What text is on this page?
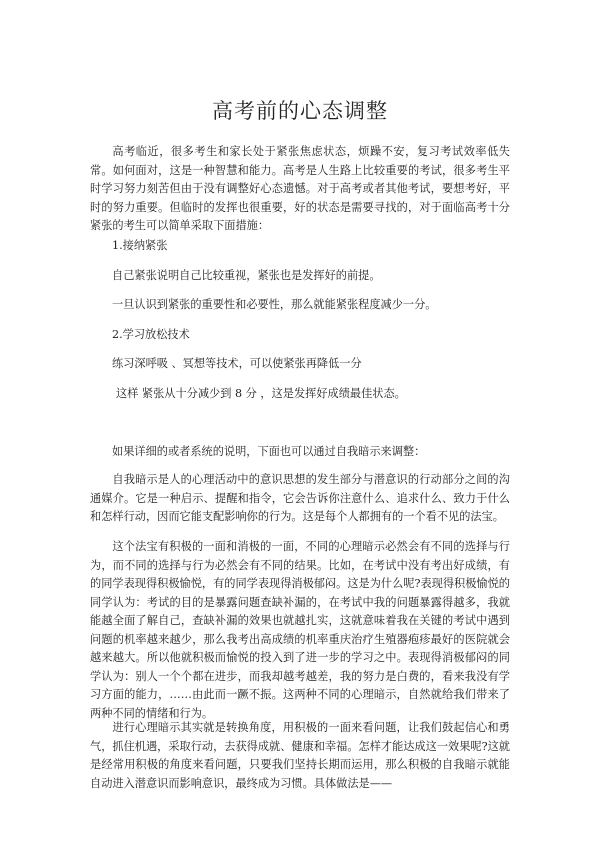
高考前的心态调整
高考临近，很多考生和家长处于紧张焦虑状态，烦躁不安，复习考试效率低失常。如何面对，这是一种智慧和能力。高考是人生路上比较重要的考试，很多考生平时学习努力刻苦但由于没有调整好心态遗憾。对于高考或者其他考试，要想考好，平时的努力重要。但临时的发挥也很重要，好的状态是需要寻找的，对于面临高考十分紧张的考生可以简单采取下面措施：
1.接纳紧张
自己紧张说明自己比较重视，紧张也是发挥好的前提。
一旦认识到紧张的重要性和必要性，那么就能紧张程度减少一分。
2.学习放松技术
练习深呼吸 、冥想等技术，可以使紧张再降低一分
这样 紧张从十分减少到 8 分 ，这是发挥好成绩最佳状态。
如果详细的或者系统的说明，下面也可以通过自我暗示来调整：
自我暗示是人的心理活动中的意识思想的发生部分与潜意识的行动部分之间的沟通媒介。它是一种启示、提醒和指令，它会告诉你注意什么、追求什么、致力于什么和怎样行动，因而它能支配影响你的行为。这是每个人都拥有的一个看不见的法宝。
这个法宝有积极的一面和消极的一面，不同的心理暗示必然会有不同的选择与行为，而不同的选择与行为必然会有不同的结果。比如，在考试中没有考出好成绩，有的同学表现得积极愉悦，有的同学表现得消极郁闷。这是为什么呢?表现得积极愉悦的同学认为：考试的目的是暴露问题查缺补漏的，在考试中我的问题暴露得越多，我就能越全面了解自己，查缺补漏的效果也就越扎实，这就意味着我在关键的考试中遇到问题的机率越来越少，那么我考出高成绩的机率重庆治疗生殖器疱疹最好的医院就会越来越大。所以他就积极而愉悦的投入到了进一步的学习之中。表现得消极郁闷的同学认为：别人一个个都在进步，而我却越考越差，我的努力是白费的，看来我没有学习方面的能力，……由此而一蹶不振。这两种不同的心理暗示，自然就给我们带来了两种不同的情绪和行为。
进行心理暗示其实就是转换角度，用积极的一面来看问题，让我们鼓起信心和勇气，抓住机遇，采取行动，去获得成就、健康和幸福。怎样才能达成这一效果呢?这就是经常用积极的角度来看问题，只要我们坚持长期而运用，那么积极的自我暗示就能自动进入潜意识而影响意识，最终成为习惯。具体做法是——
